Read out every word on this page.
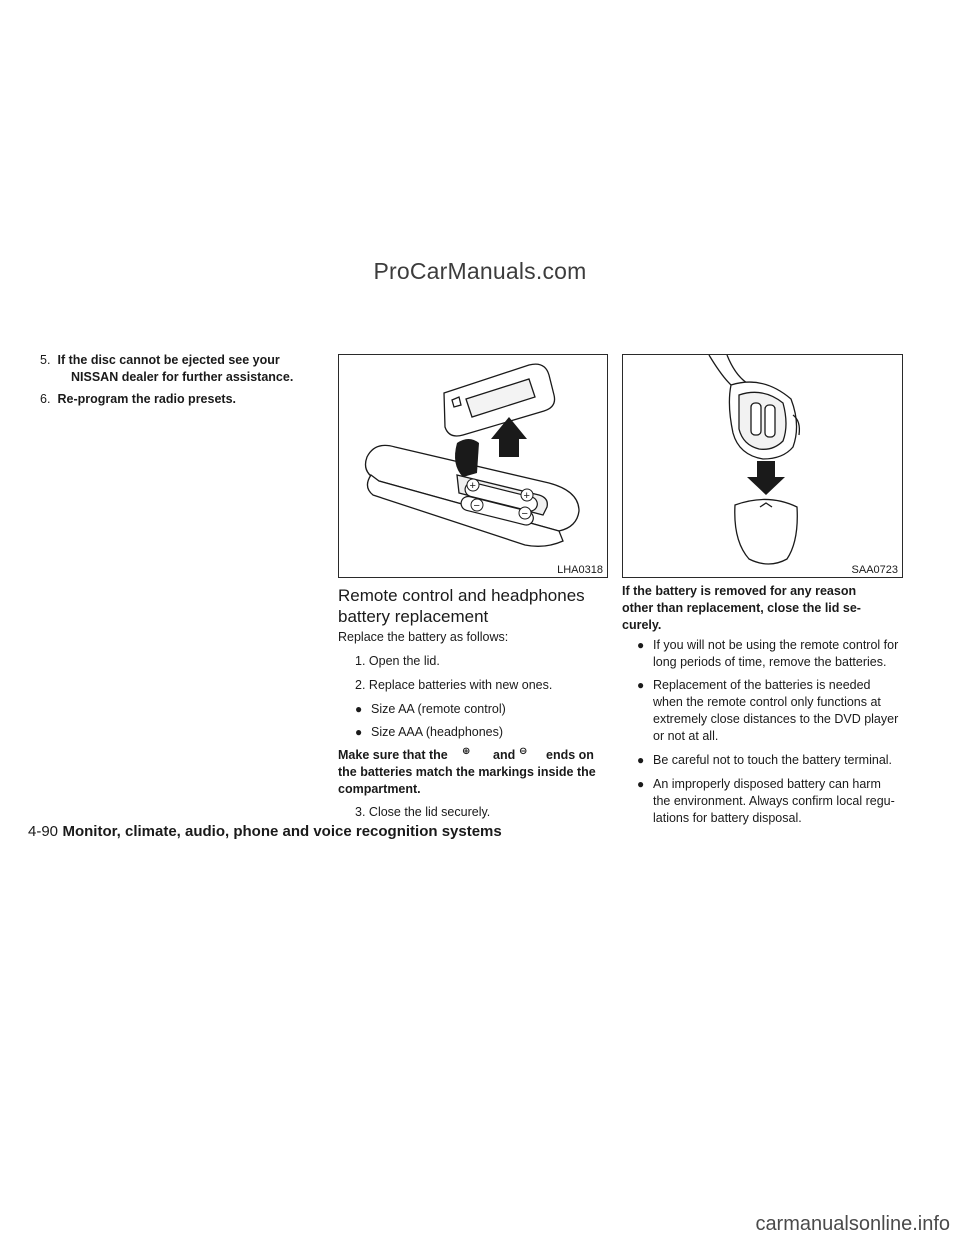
ProCarManuals.com
5. If the disc cannot be ejected see your
NISSAN dealer for further assistance.
6. Re-program the radio presets.
+
+
−
−
LHA0318	SAA0723
Remote control and headphones
battery replacement
Replace the battery as follows:
1. Open the lid.
2. Replace batteries with new ones.
● Size AA (remote control)
● Size AAA (headphones)
Make sure that the ⊕ and ⊖ ends on
the batteries match the markings inside the
compartment.
3. Close the lid securely.
If the battery is removed for any reason
other than replacement, close the lid se-
curely.
● If you will not be using the remote control for
long periods of time, remove the batteries.
● Replacement of the batteries is needed
when the remote control only functions at
extremely close distances to the DVD player
or not at all.
● Be careful not to touch the battery terminal.
● An improperly disposed battery can harm
the environment. Always confirm local regu-
lations for battery disposal.
4-90 Monitor, climate, audio, phone and voice recognition systems
carmanualsonline.info
